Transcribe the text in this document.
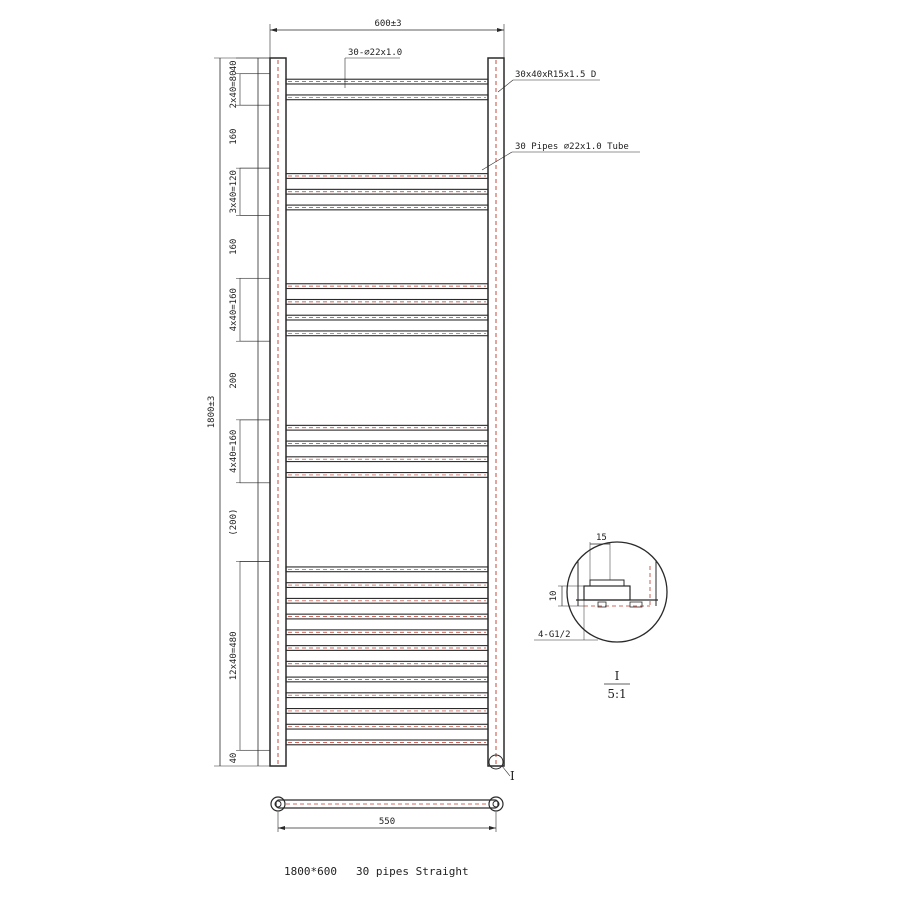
600±3
30-⌀22x1.0
30x40xR15x1.5 D
30 Pipes ⌀22x1.0 Tube
1800±3
40
2x40=80
160
3x40=120
160
4x40=160
200
4x40=160
(200)
12x40=480
40
550
I
15
10
4-G1/2
I
5:1
1800*600 30 pipes Straight
